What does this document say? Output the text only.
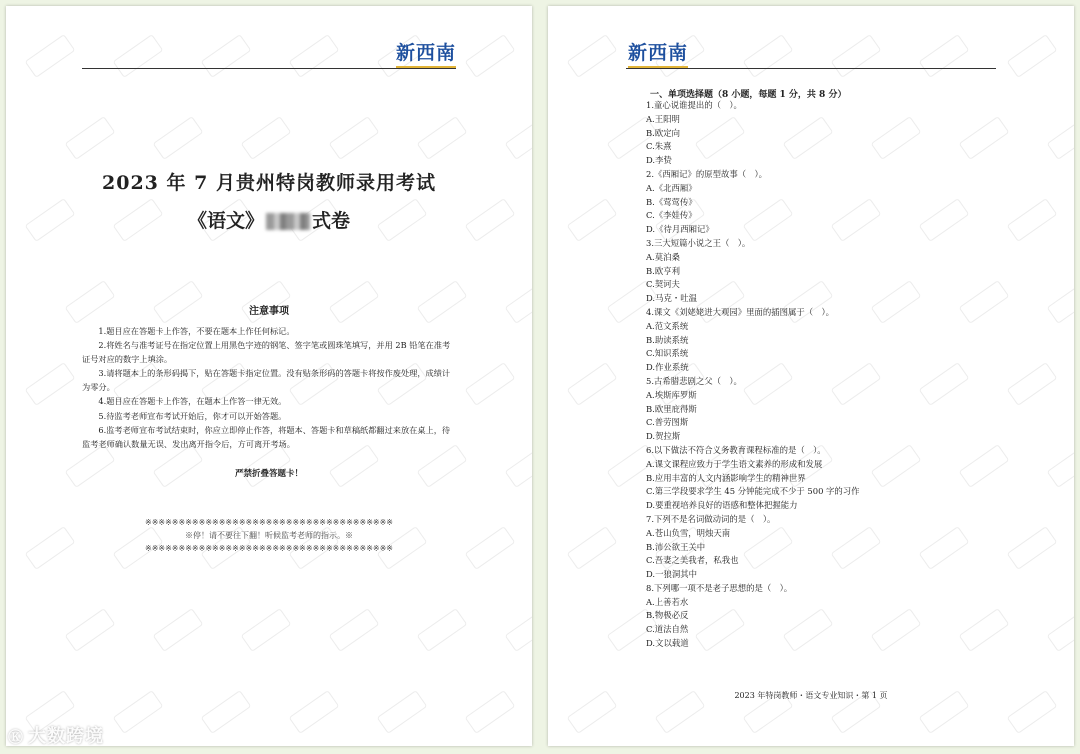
新西南
2023 年 7 月贵州特岗教师录用考试
《语文》	式卷
注意事项

1.题目应在答题卡上作答，不要在题本上作任何标记。

2.将姓名与准考证号在指定位置上用黑色字迹的钢笔、签字笔或圆珠笔填写，并用 2B 铅笔在准考证号对应的数字上填涂。

3.请将题本上的条形码揭下，贴在答题卡指定位置。没有贴条形码的答题卡将按作废处理，成绩计为零分。

4.题目应在答题卡上作答，在题本上作答一律无效。

5.待监考老师宣布考试开始后，你才可以开始答题。

6.监考老师宣布考试结束时，你应立即停止作答，将题本、答题卡和草稿纸都翻过来放在桌上，待监考老师确认数量无误、发出离开指令后，方可离开考场。

严禁折叠答题卡！
※※※※※※※※※※※※※※※※※※※※※※※※※※※※※※※※※※※※※
※停！请不要往下翻！听候监考老师的指示。※
※※※※※※※※※※※※※※※※※※※※※※※※※※※※※※※※※※※※※
新西南
一、单项选择题（8 小题，每题 1 分，共 8 分）
1.童心说谁提出的（　）。
A.王阳明
B.欧定向
C.朱熹
D.李贽
2.《西厢记》的原型故事（　）。
A.《北西厢》
B.《莺莺传》
C.《李娃传》
D.《待月西厢记》
3.三大短篇小说之王（　）。
A.莫泊桑
B.欧亨利
C.契诃夫
D.马克・吐温
4.课文《刘姥姥进大观园》里面的插图属于（　）。
A.范文系统
B.助读系统
C.知识系统
D.作业系统
5.古希腊悲剧之父（　）。
A.埃斯库罗斯
B.欧里庇得斯
C.普劳图斯
D.贺拉斯
6.以下做法不符合义务教育课程标准的是（　）。
A.课文课程应致力于学生语文素养的形成和发展
B.应用丰富的人文内涵影响学生的精神世界
C.第三学段要求学生 45 分钟能完成不少于 500 字的习作
D.要重视培养良好的语感和整体把握能力
7.下列不是名词做动词的是（　）。
A.苍山负雪，明烛天南
B.沛公欲王关中
C.吾妻之美我者，私我也
D.一狼洞其中
8.下列哪一项不是老子思想的是（　）。
A.上善若水
B.物极必反
C.道法自然
D.文以载道
2023 年特岗教师・语文专业知识・第 1 页
Ⓚ 大数跨境
